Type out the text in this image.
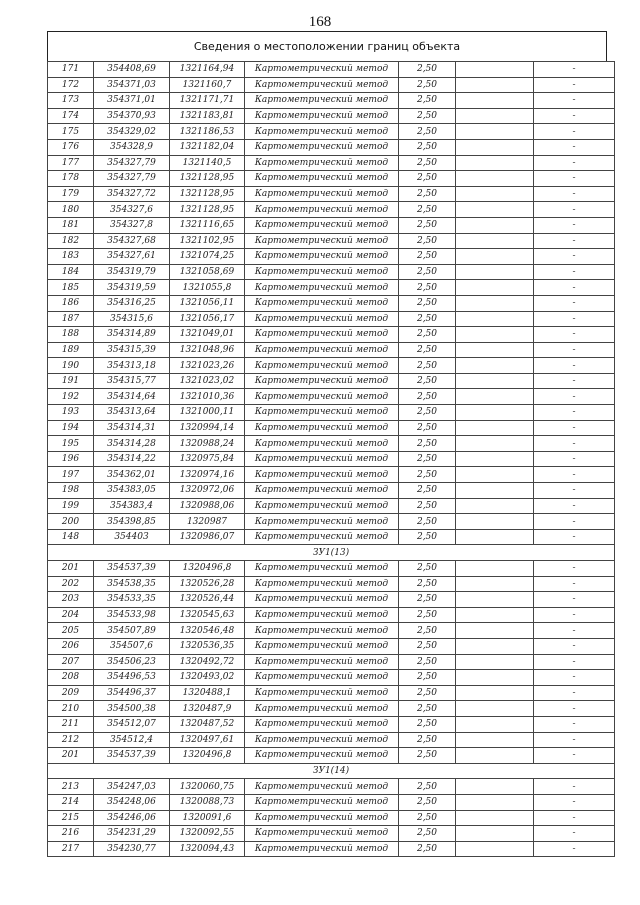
168
Сведения о местоположении границ объекта
171	354408,69	1321164,94	Картометрический метод	2,50		-
172	354371,03	1321160,7	Картометрический метод	2,50		-
173	354371,01	1321171,71	Картометрический метод	2,50		-
174	354370,93	1321183,81	Картометрический метод	2,50		-
175	354329,02	1321186,53	Картометрический метод	2,50		-
176	354328,9	1321182,04	Картометрический метод	2,50		-
177	354327,79	1321140,5	Картометрический метод	2,50		-
178	354327,79	1321128,95	Картометрический метод	2,50		-
179	354327,72	1321128,95	Картометрический метод	2,50		-
180	354327,6	1321128,95	Картометрический метод	2,50		-
181	354327,8	1321116,65	Картометрический метод	2,50		-
182	354327,68	1321102,95	Картометрический метод	2,50		-
183	354327,61	1321074,25	Картометрический метод	2,50		-
184	354319,79	1321058,69	Картометрический метод	2,50		-
185	354319,59	1321055,8	Картометрический метод	2,50		-
186	354316,25	1321056,11	Картометрический метод	2,50		-
187	354315,6	1321056,17	Картометрический метод	2,50		-
188	354314,89	1321049,01	Картометрический метод	2,50		-
189	354315,39	1321048,96	Картометрический метод	2,50		-
190	354313,18	1321023,26	Картометрический метод	2,50		-
191	354315,77	1321023,02	Картометрический метод	2,50		-
192	354314,64	1321010,36	Картометрический метод	2,50		-
193	354313,64	1321000,11	Картометрический метод	2,50		-
194	354314,31	1320994,14	Картометрический метод	2,50		-
195	354314,28	1320988,24	Картометрический метод	2,50		-
196	354314,22	1320975,84	Картометрический метод	2,50		-
197	354362,01	1320974,16	Картометрический метод	2,50		-
198	354383,05	1320972,06	Картометрический метод	2,50		-
199	354383,4	1320988,06	Картометрический метод	2,50		-
200	354398,85	1320987	Картометрический метод	2,50		-
148	354403	1320986,07	Картометрический метод	2,50		-
ЗУ1(13)						
201	354537,39	1320496,8	Картометрический метод	2,50		-
202	354538,35	1320526,28	Картометрический метод	2,50		-
203	354533,35	1320526,44	Картометрический метод	2,50		-
204	354533,98	1320545,63	Картометрический метод	2,50		-
205	354507,89	1320546,48	Картометрический метод	2,50		-
206	354507,6	1320536,35	Картометрический метод	2,50		-
207	354506,23	1320492,72	Картометрический метод	2,50		-
208	354496,53	1320493,02	Картометрический метод	2,50		-
209	354496,37	1320488,1	Картометрический метод	2,50		-
210	354500,38	1320487,9	Картометрический метод	2,50		-
211	354512,07	1320487,52	Картометрический метод	2,50		-
212	354512,4	1320497,61	Картометрический метод	2,50		-
201	354537,39	1320496,8	Картометрический метод	2,50		-
ЗУ1(14)						
213	354247,03	1320060,75	Картометрический метод	2,50		-
214	354248,06	1320088,73	Картометрический метод	2,50		-
215	354246,06	1320091,6	Картометрический метод	2,50		-
216	354231,29	1320092,55	Картометрический метод	2,50		-
217	354230,77	1320094,43	Картометрический метод	2,50		-
